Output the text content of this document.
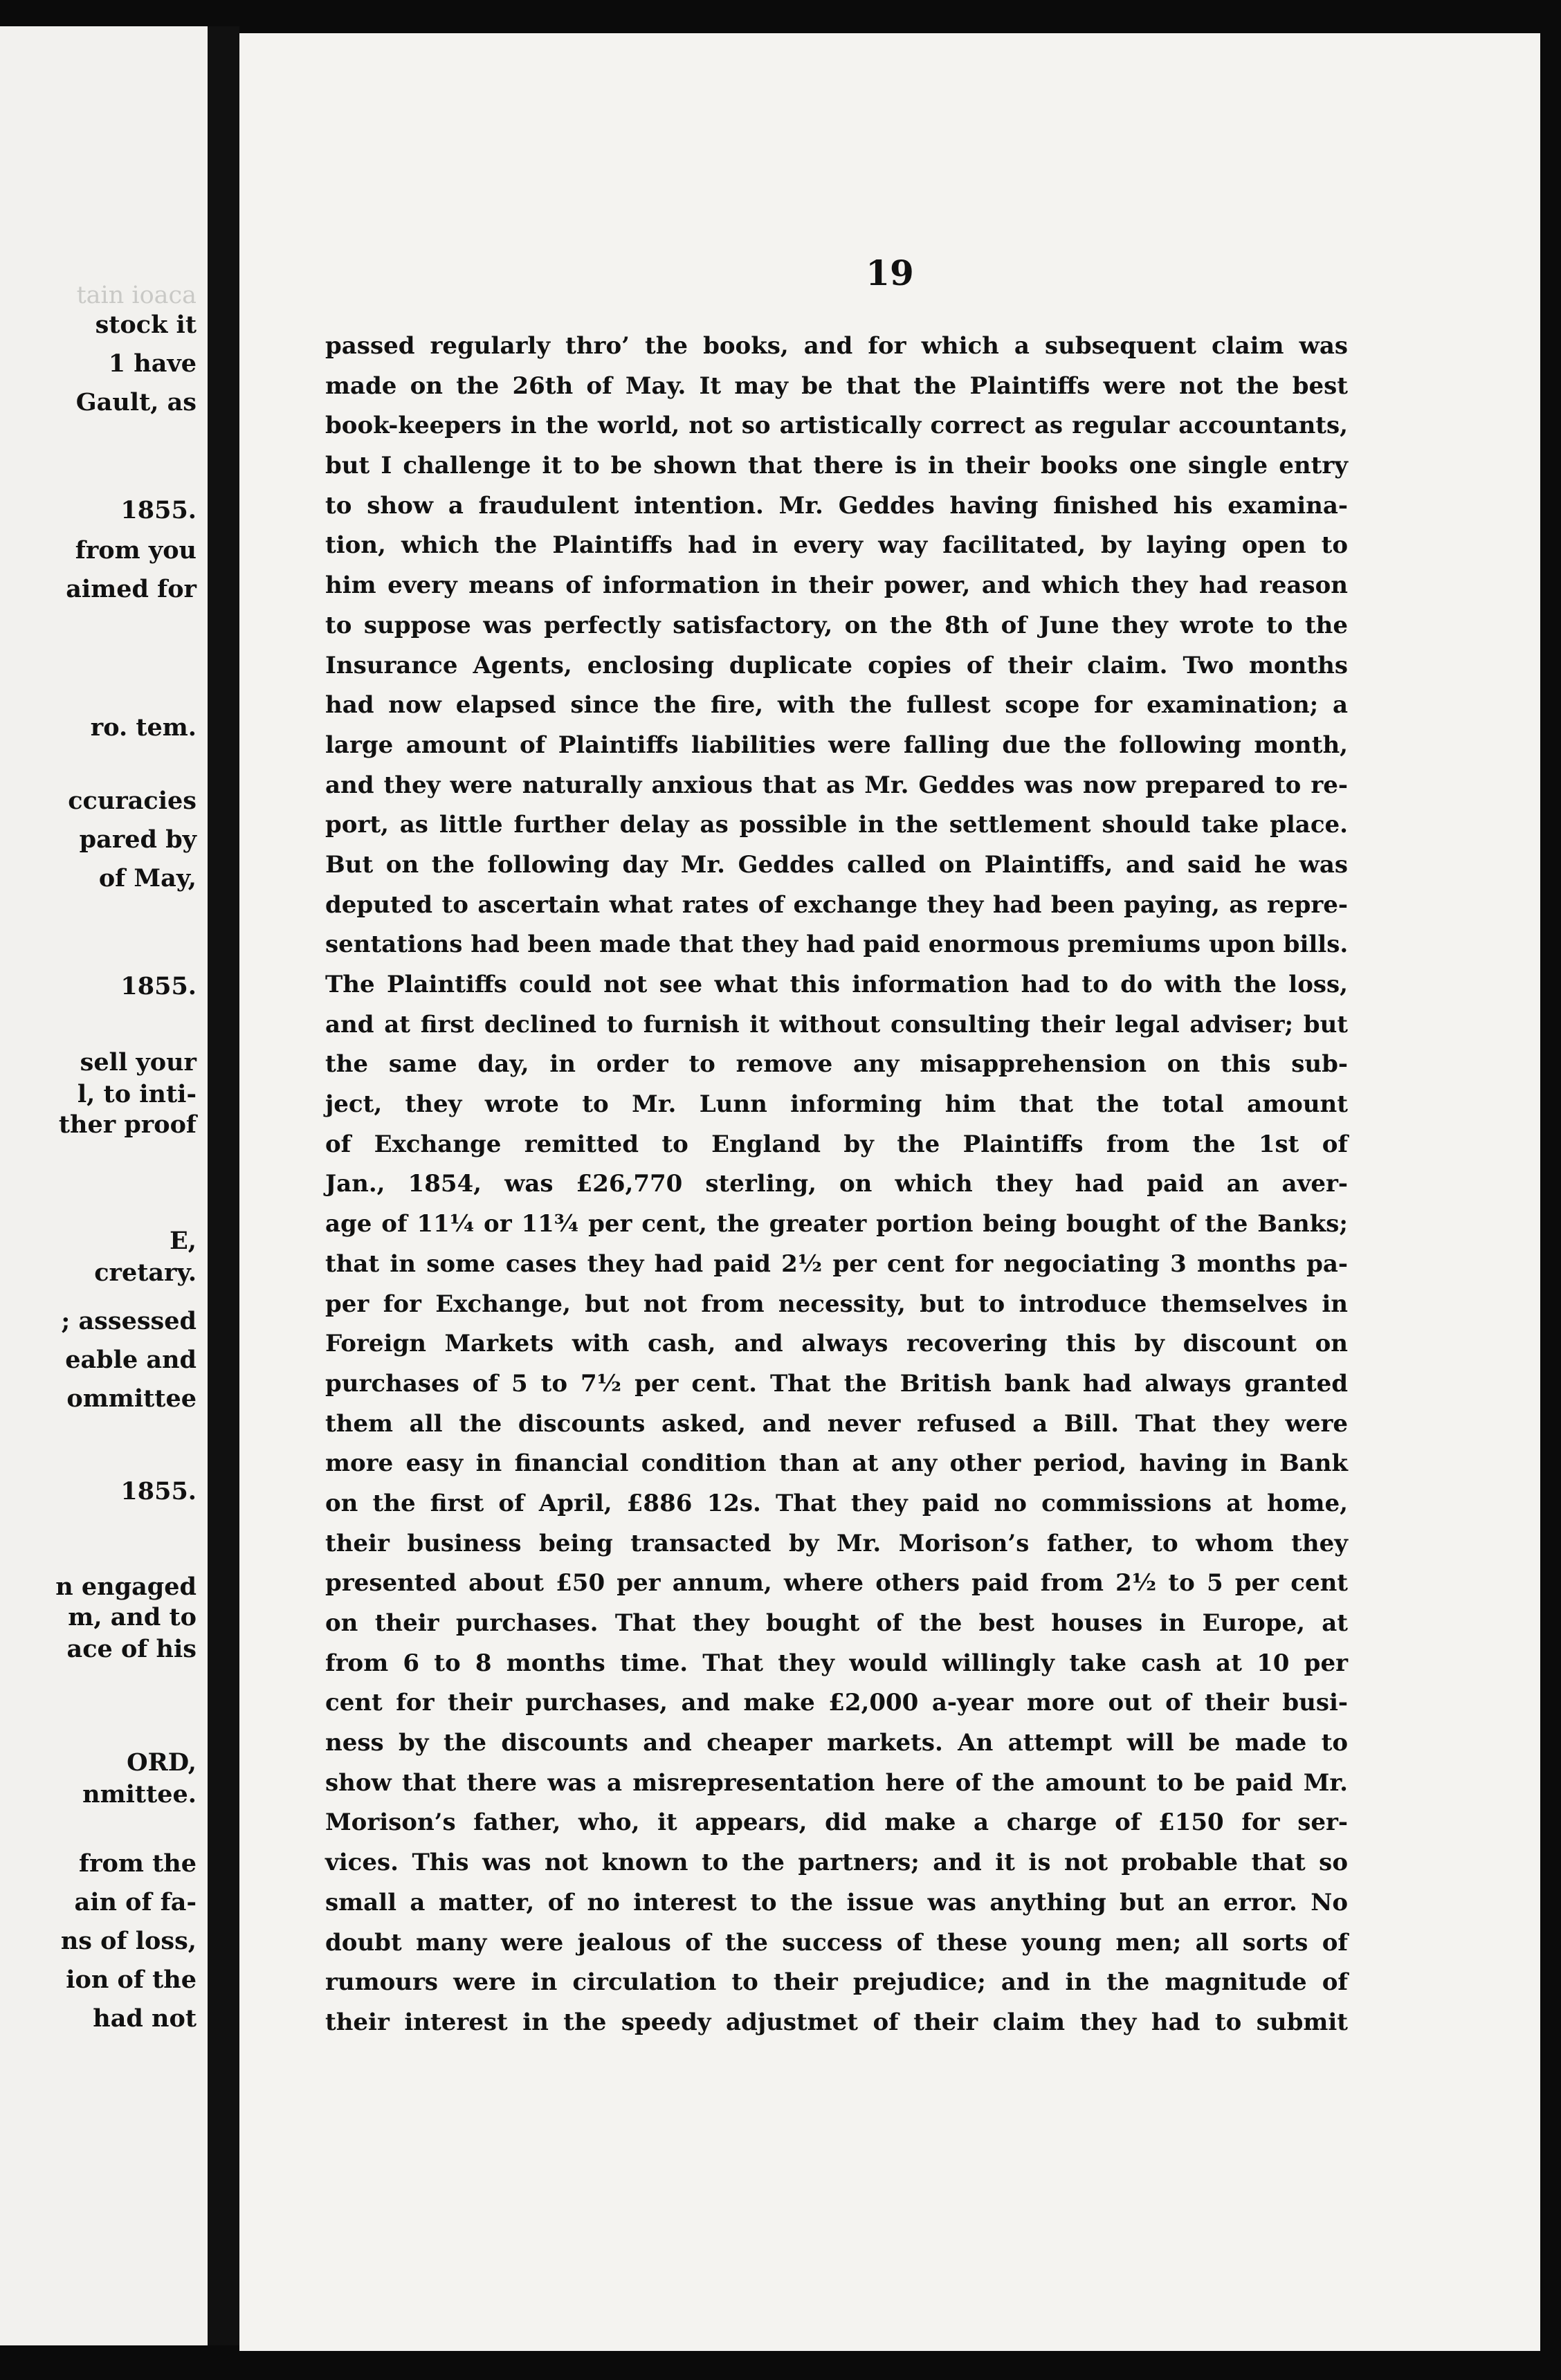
tain ioaca
stock it
1 have
Gault, as
1855.
from you
aimed for
ro. tem.
ccuracies
pared by
of May,
1855.
sell your
l, to inti-
ther proof
E,
cretary.
; assessed
eable and
ommittee
1855.
n engaged
m, and to
ace of his
ORD,
nmittee.
from the
ain of fa-
ns of loss,
ion of the
had not
19
passed regularly thro’ the books, and for which a subsequent claim was
made on the 26th of May. It may be that the Plaintiffs were not the best
book-keepers in the world, not so artistically correct as regular accountants,
but I challenge it to be shown that there is in their books one single entry
to show a fraudulent intention. Mr. Geddes having finished his examina-
tion, which the Plaintiffs had in every way facilitated, by laying open to
him every means of information in their power, and which they had reason
to suppose was perfectly satisfactory, on the 8th of June they wrote to the
Insurance Agents, enclosing duplicate copies of their claim. Two months
had now elapsed since the fire, with the fullest scope for examination; a
large amount of Plaintiffs liabilities were falling due the following month,
and they were naturally anxious that as Mr. Geddes was now prepared to re-
port, as little further delay as possible in the settlement should take place.
But on the following day Mr. Geddes called on Plaintiffs, and said he was
deputed to ascertain what rates of exchange they had been paying, as repre-
sentations had been made that they had paid enormous premiums upon bills.
The Plaintiffs could not see what this information had to do with the loss,
and at first declined to furnish it without consulting their legal adviser; but
the same day, in order to remove any misapprehension on this sub-
ject, they wrote to Mr. Lunn informing him that the total amount
of Exchange remitted to England by the Plaintiffs from the 1st of
Jan., 1854, was £26,770 sterling, on which they had paid an aver-
age of 11¼ or 11¾ per cent, the greater portion being bought of the Banks;
that in some cases they had paid 2½ per cent for negociating 3 months pa-
per for Exchange, but not from necessity, but to introduce themselves in
Foreign Markets with cash, and always recovering this by discount on
purchases of 5 to 7½ per cent. That the British bank had always granted
them all the discounts asked, and never refused a Bill. That they were
more easy in financial condition than at any other period, having in Bank
on the first of April, £886 12s. That they paid no commissions at home,
their business being transacted by Mr. Morison’s father, to whom they
presented about £50 per annum, where others paid from 2½ to 5 per cent
on their purchases. That they bought of the best houses in Europe, at
from 6 to 8 months time. That they would willingly take cash at 10 per
cent for their purchases, and make £2,000 a-year more out of their busi-
ness by the discounts and cheaper markets. An attempt will be made to
show that there was a misrepresentation here of the amount to be paid Mr.
Morison’s father, who, it appears, did make a charge of £150 for ser-
vices. This was not known to the partners; and it is not probable that so
small a matter, of no interest to the issue was anything but an error. No
doubt many were jealous of the success of these young men; all sorts of
rumours were in circulation to their prejudice; and in the magnitude of
their interest in the speedy adjustmet of their claim they had to submit
